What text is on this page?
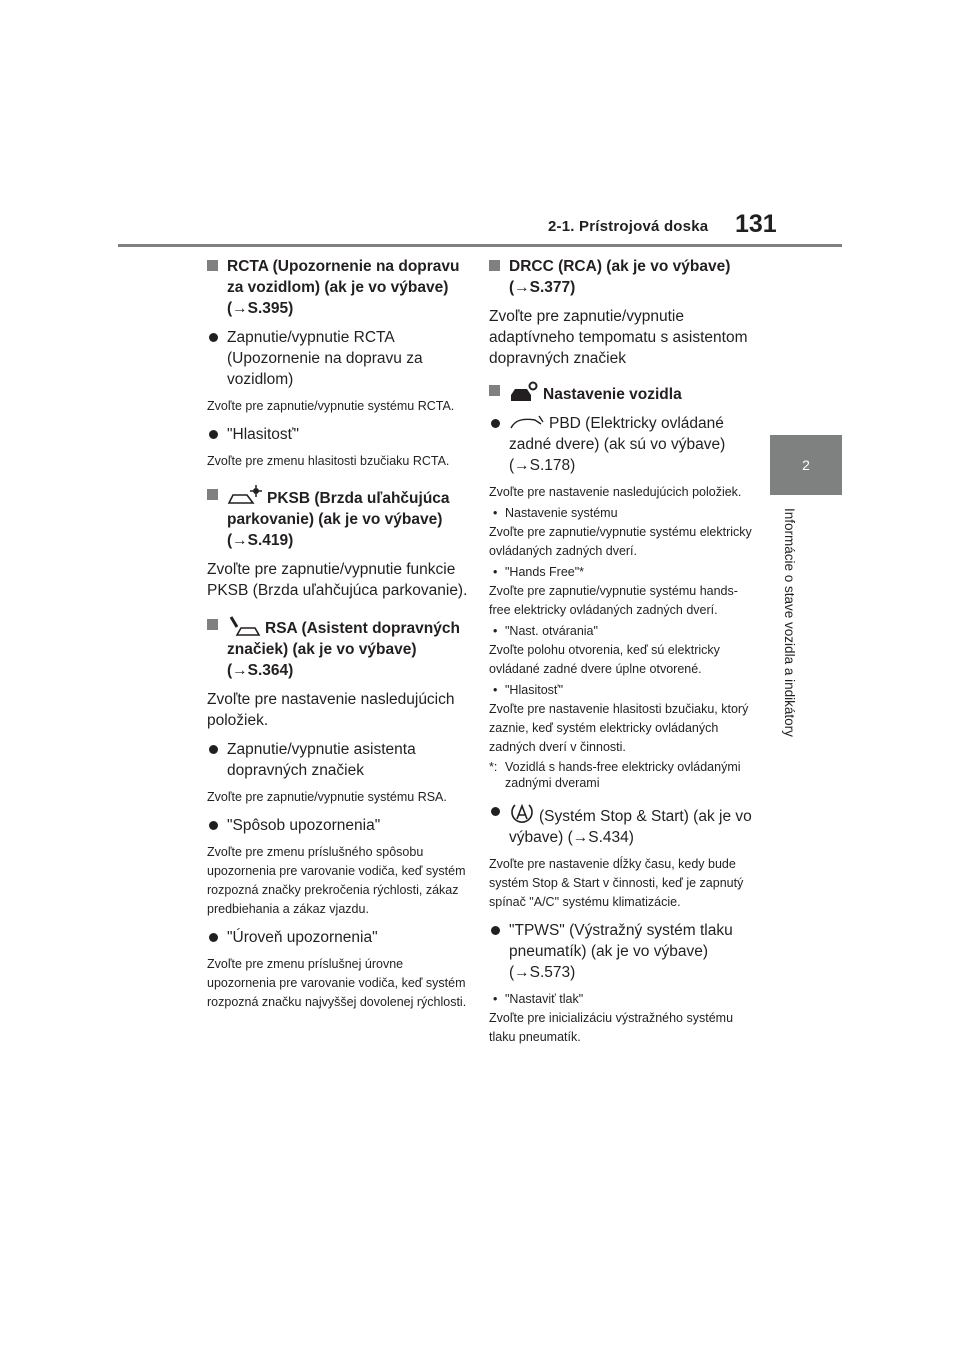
2-1. Prístrojová doska 131
2
Informácie o stave vozidla a indikátory
RCTA (Upozornenie na dopravu za vozidlom) (ak je vo výbave) (→S.395)
Zapnutie/vypnutie RCTA (Upozornenie na dopravu za vozidlom)
Zvoľte pre zapnutie/vypnutie systému RCTA.
"Hlasitosť"
Zvoľte pre zmenu hlasitosti bzučiaku RCTA.
PKSB (Brzda uľahčujúca parkovanie) (ak je vo výbave) (→S.419)
Zvoľte pre zapnutie/vypnutie funkcie PKSB (Brzda uľahčujúca parkovanie).
RSA (Asistent dopravných značiek) (ak je vo výbave) (→S.364)
Zvoľte pre nastavenie nasledujúcich položiek.
Zapnutie/vypnutie asistenta dopravných značiek
Zvoľte pre zapnutie/vypnutie systému RSA.
"Spôsob upozornenia"
Zvoľte pre zmenu príslušného spôsobu upozornenia pre varovanie vodiča, keď systém rozpozná značky prekročenia rýchlosti, zákaz predbiehania a zákaz vjazdu.
"Úroveň upozornenia"
Zvoľte pre zmenu príslušnej úrovne upozornenia pre varovanie vodiča, keď systém rozpozná značku najvyššej dovolenej rýchlosti.
DRCC (RCA) (ak je vo výbave) (→S.377)
Zvoľte pre zapnutie/vypnutie adaptívneho tempomatu s asistentom dopravných značiek
Nastavenie vozidla
PBD (Elektricky ovládané zadné dvere) (ak sú vo výbave) (→S.178)
Zvoľte pre nastavenie nasledujúcich položiek.
• Nastavenie systému
Zvoľte pre zapnutie/vypnutie systému elektricky ovládaných zadných dverí.
• "Hands Free"*
Zvoľte pre zapnutie/vypnutie systému hands-free elektricky ovládaných zadných dverí.
• "Nast. otvárania"
Zvoľte polohu otvorenia, keď sú elektricky ovládané zadné dvere úplne otvorené.
• "Hlasitosť"
Zvoľte pre nastavenie hlasitosti bzučiaku, ktorý zaznie, keď systém elektricky ovládaných zadných dverí v činnosti.
*: Vozidlá s hands-free elektricky ovládanými zadnými dverami
(Systém Stop & Start) (ak je vo výbave) (→S.434)
Zvoľte pre nastavenie dĺžky času, kedy bude systém Stop & Start v činnosti, keď je zapnutý spínač "A/C" systému klimatizácie.
"TPWS" (Výstražný systém tlaku pneumatík) (ak je vo výbave) (→S.573)
• "Nastaviť tlak"
Zvoľte pre inicializáciu výstražného systému tlaku pneumatík.
